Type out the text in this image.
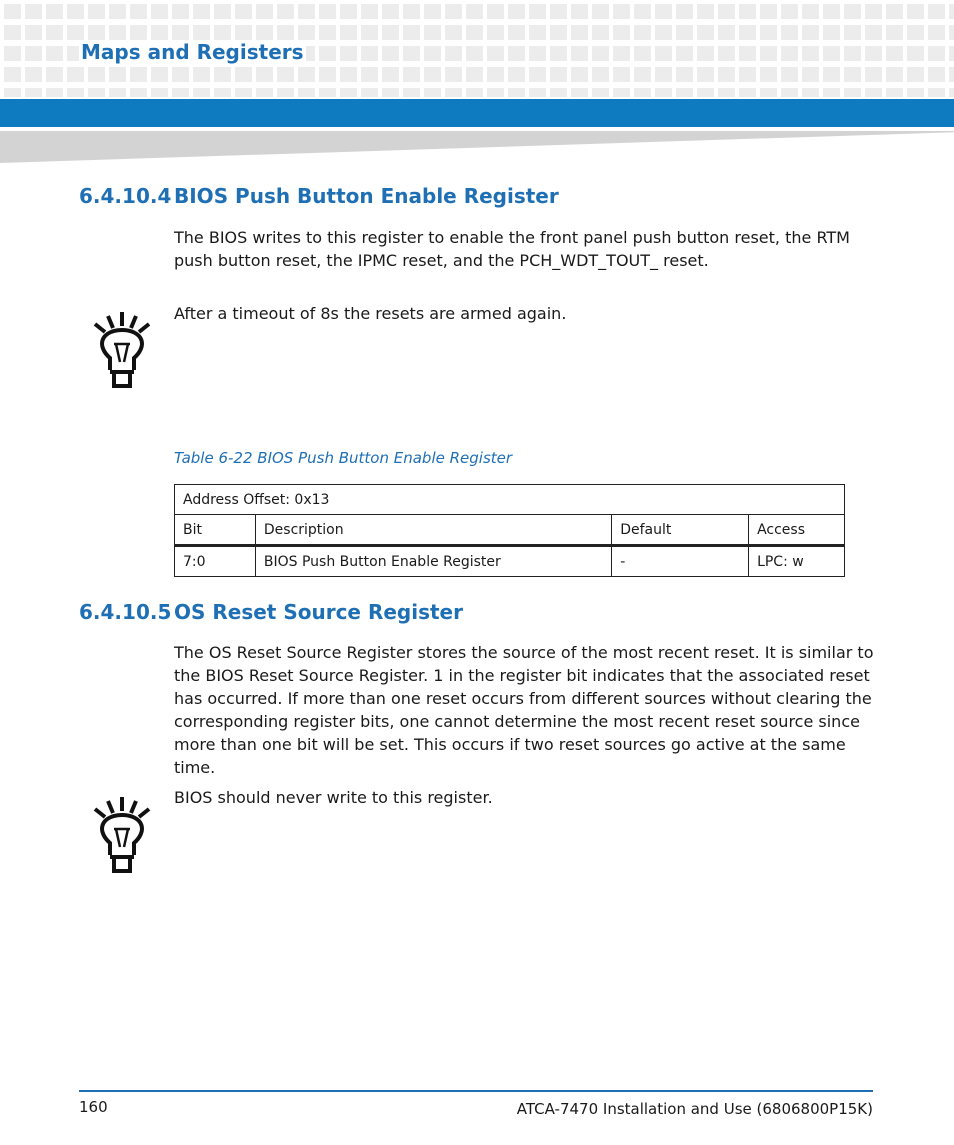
Maps and Registers
6.4.10.4 BIOS Push Button Enable Register

The BIOS writes to this register to enable the front panel push button reset, the RTM push button reset, the IPMC reset, and the PCH_WDT_TOUT_ reset.

After a timeout of 8s the resets are armed again.

Table 6-22 BIOS Push Button Enable Register
Address Offset: 0x13			
Bit	Description	Default	Access
7:0	BIOS Push Button Enable Register	-	LPC: w
6.4.10.5 OS Reset Source Register

The OS Reset Source Register stores the source of the most recent reset. It is similar to the BIOS Reset Source Register. 1 in the register bit indicates that the associated reset has occurred. If more than one reset occurs from different sources without clearing the corresponding register bits, one cannot determine the most recent reset source since more than one bit will be set. This occurs if two reset sources go active at the same time.

BIOS should never write to this register.

160	ATCA-7470 Installation and Use (6806800P15K)
